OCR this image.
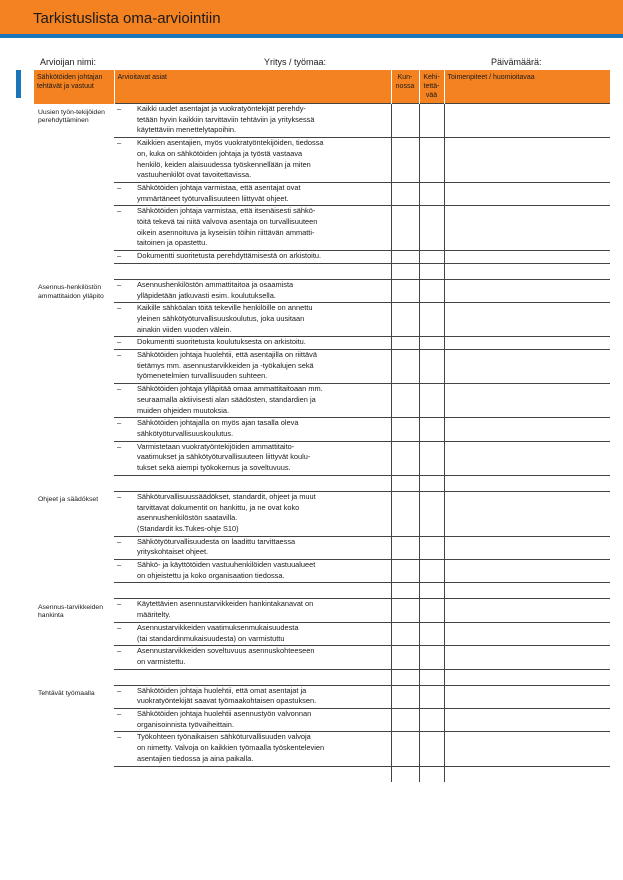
Tarkistuslista oma-arviointiin
Arvioijan nimi:	Yritys / työmaa:	Päivämäärä:
Sähkötöiden johtajan tehtävät ja vastuut	Arvioitavat asiat	Kun-nossa	Kehi-tettä-vää	Toimenpiteet / huomioitavaa
Uusien työn-tekijöiden perehdyttäminen	– Kaikki uudet asentajat ja vuokratyöntekijät perehdy-
tetään hyvin kaikkiin tarvittaviin tehtäviin ja yrityksessä
käytettäviin menettelytapoihin.			

	– Kaikkien asentajien, myös vuokratyöntekijöiden, tiedossa
on, kuka on sähkötöiden johtaja ja työstä vastaava
henkilö, keiden alaisuudessa työskennellään ja miten
vastuuhenkilöt ovat tavoitettavissa.			

	– Sähkötöiden johtaja varmistaa, että asentajat ovat
ymmärtäneet työturvallisuuteen liittyvät ohjeet.			

	– Sähkötöiden johtaja varmistaa, että itsenäisesti sähkö-
töitä tekevä tai niitä valvova asentaja on turvallisuuteen
oikein asennoituva ja kyseisiin töihin riittävän ammatti-
taitoinen ja opastettu.			

	– Dokumentti suoritetusta perehdyttämisestä on arkistoitu.			

Asennus-henkilöstön ammattitaidon ylläpito	– Asennushenkilöstön ammattitaitoa ja osaamista
ylläpidetään jatkuvasti esim. koulutuksella.			

	– Kaikille sähköalan töitä tekeville henkilöille on annettu
yleinen sähkötyöturvallisuuskoulutus, joka uusitaan
ainakin viiden vuoden välein.			

	– Dokumentti suoritetusta koulutuksesta on arkistoitu.			

	– Sähkötöiden johtaja huolehtii, että asentajilla on riittävä
tietämys mm. asennustarvikkeiden ja -työkalujen sekä
työmenetelmien turvallisuuden suhteen.			

	– Sähkötöiden johtaja ylläpitää omaa ammattitaitoaan mm.
seuraamalla aktiivisesti alan säädösten, standardien ja
muiden ohjeiden muutoksia.			

	– Sähkötöiden johtajalla on myös ajan tasalla oleva
sähkötyöturvallisuuskoulutus.			

	– Varmistetaan vuokratyöntekijöiden ammattitaito-
vaatimukset ja sähkötyöturvallisuuteen liittyvät koulu-
tukset sekä aiempi työkokemus ja soveltuvuus.			

Ohjeet ja säädökset	– Sähköturvallisuussäädökset, standardit, ohjeet ja muut
tarvittavat dokumentit on hankittu, ja ne ovat koko
asennushenkilöstön saatavilla.
(Standardit ks.Tukes-ohje S10)			

	– Sähkötyöturvallisuudesta on laadittu tarvittaessa
yrityskohtaiset ohjeet.			

	– Sähkö- ja käyttötöiden vastuuhenkilöiden vastuualueet
on ohjeistettu ja koko organisaation tiedossa.			

Asennus-tarvikkeiden hankinta	– Käytettävien asennustarvikkeiden hankintakanavat on
määritelty.			

	– Asennustarvikkeiden vaatimuksenmukaisuudesta
(tai standardinmukaisuudesta) on varmistuttu			

	– Asennustarvikkeiden soveltuvuus asennuskohteeseen
on varmistettu.			

Tehtävät työmaalla	– Sähkötöiden johtaja huolehtii, että omat asentajat ja
vuokratyöntekijät saavat työmaakohtaisen opastuksen.			

	– Sähkötöiden johtaja huolehtii asennustyön valvonnan
organisoinnista työvaiheittain.			

	– Työkohteen työnaikaisen sähköturvallisuuden valvoja
on nimetty. Valvoja on kaikkien työmaalla työskentelevien
asentajien tiedossa ja aina paikalla.			
